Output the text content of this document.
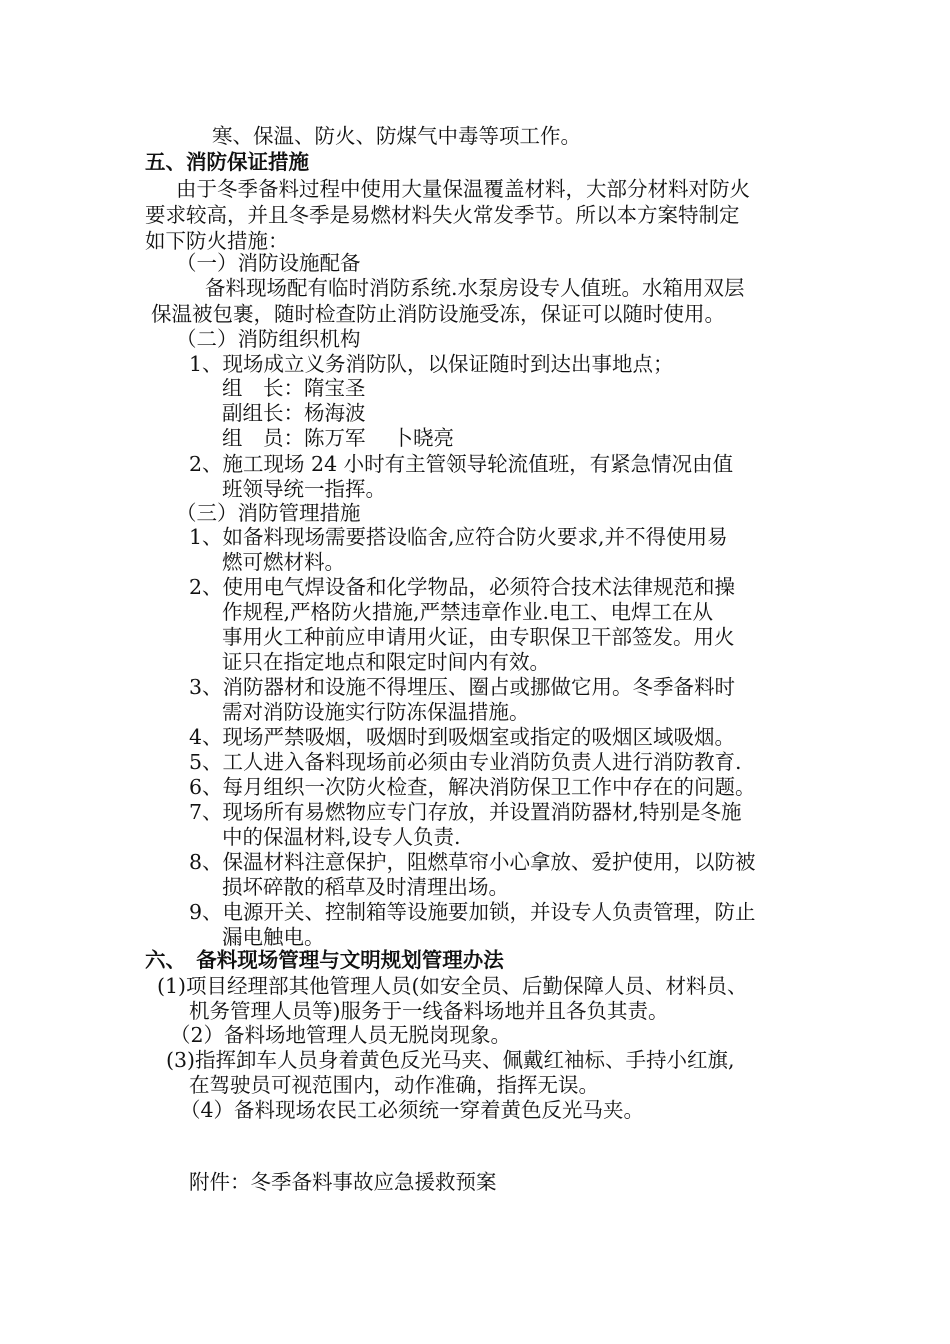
寒、保温、防火、防煤气中毒等项工作。
五、消防保证措施
由于冬季备料过程中使用大量保温覆盖材料，大部分材料对防火
要求较高，并且冬季是易燃材料失火常发季节。所以本方案特制定
如下防火措施：
（一）消防设施配备
备料现场配有临时消防系统.水泵房设专人值班。水箱用双层
保温被包裹，随时检查防止消防设施受冻，保证可以随时使用。
（二）消防组织机构
1、现场成立义务消防队，以保证随时到达出事地点；
组　长：隋宝圣
副组长：杨海波
组　员：陈万军　 卜晓亮
2、施工现场 24 小时有主管领导轮流值班，有紧急情况由值
班领导统一指挥。
（三）消防管理措施
1、如备料现场需要搭设临舍,应符合防火要求,并不得使用易
燃可燃材料。
2、使用电气焊设备和化学物品，必须符合技术法律规范和操
作规程,严格防火措施,严禁违章作业.电工、电焊工在从
事用火工种前应申请用火证，由专职保卫干部签发。用火
证只在指定地点和限定时间内有效。
3、消防器材和设施不得埋压、圈占或挪做它用。冬季备料时
需对消防设施实行防冻保温措施。
4、现场严禁吸烟，吸烟时到吸烟室或指定的吸烟区域吸烟。
5、工人进入备料现场前必须由专业消防负责人进行消防教育.
6、每月组织一次防火检查，解决消防保卫工作中存在的问题。
7、现场所有易燃物应专门存放，并设置消防器材,特别是冬施
中的保温材料,设专人负责.
8、保温材料注意保护，阻燃草帘小心拿放、爱护使用，以防被
损坏碎散的稻草及时清理出场。
9、电源开关、控制箱等设施要加锁，并设专人负责管理，防止
漏电触电。
六、　备料现场管理与文明规划管理办法
(1)项目经理部其他管理人员(如安全员、后勤保障人员、材料员、
机务管理人员等)服务于一线备料场地并且各负其责。
（2）备料场地管理人员无脱岗现象。
(3)指挥卸车人员身着黄色反光马夹、佩戴红袖标、手持小红旗,
在驾驶员可视范围内，动作准确，指挥无误。
（4）备料现场农民工必须统一穿着黄色反光马夹。
附件：冬季备料事故应急援救预案
